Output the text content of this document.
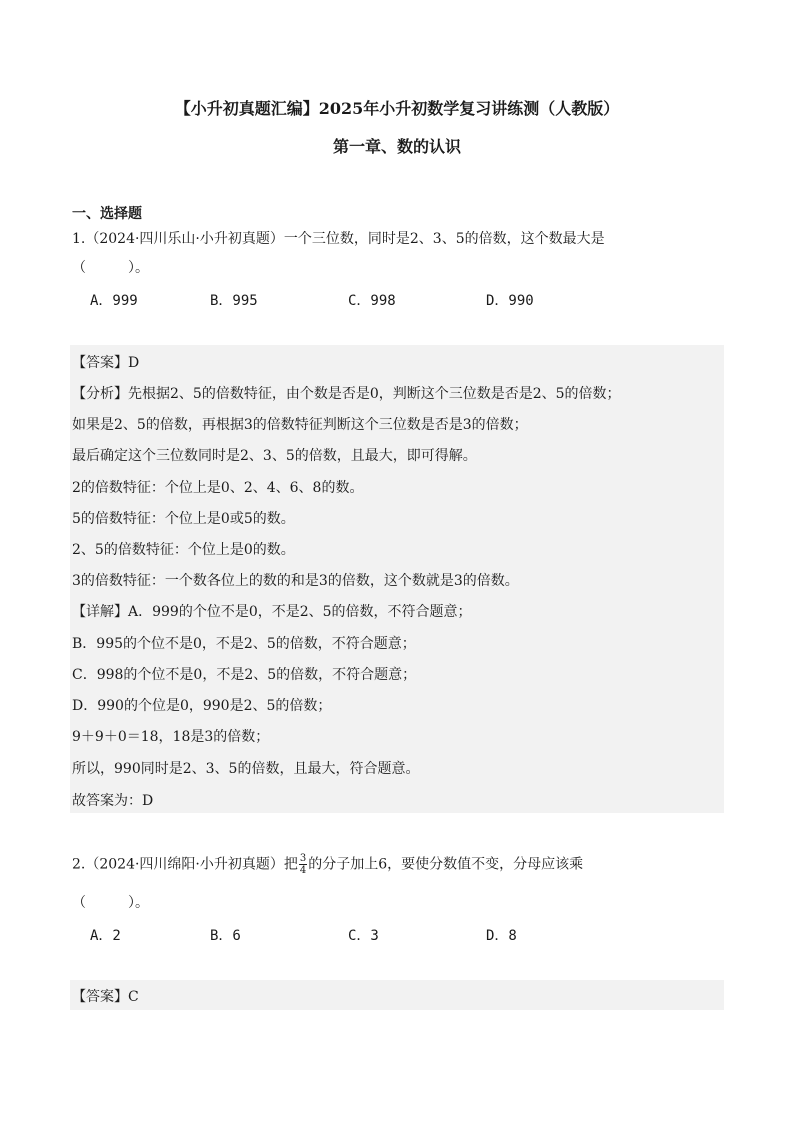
【小升初真题汇编】2025年小升初数学复习讲练测（人教版）
第一章、数的认识
一、选择题
1.（2024·四川乐山·小升初真题）一个三位数，同时是2、3、5的倍数，这个数最大是
（　　　）。
A．999	B．995	C．998	D．990
【答案】D
【分析】先根据2、5的倍数特征，由个数是否是0，判断这个三位数是否是2、5的倍数；
如果是2、5的倍数，再根据3的倍数特征判断这个三位数是否是3的倍数；
最后确定这个三位数同时是2、3、5的倍数，且最大，即可得解。
2的倍数特征：个位上是0、2、4、6、8的数。
5的倍数特征：个位上是0或5的数。
2、5的倍数特征：个位上是0的数。
3的倍数特征：一个数各位上的数的和是3的倍数，这个数就是3的倍数。
【详解】A．999的个位不是0，不是2、5的倍数，不符合题意；
B．995的个位不是0，不是2、5的倍数，不符合题意；
C．998的个位不是0，不是2、5的倍数，不符合题意；
D．990的个位是0，990是2、5的倍数；
9＋9＋0＝18，18是3的倍数；
所以，990同时是2、3、5的倍数，且最大，符合题意。
故答案为：D
2.（2024·四川绵阳·小升初真题）把 $\frac{3}{4}$ 的分子加上6，要使分数值不变，分母应该乘
（　　　）。
A．2	B．6	C．3	D．8
【答案】C
